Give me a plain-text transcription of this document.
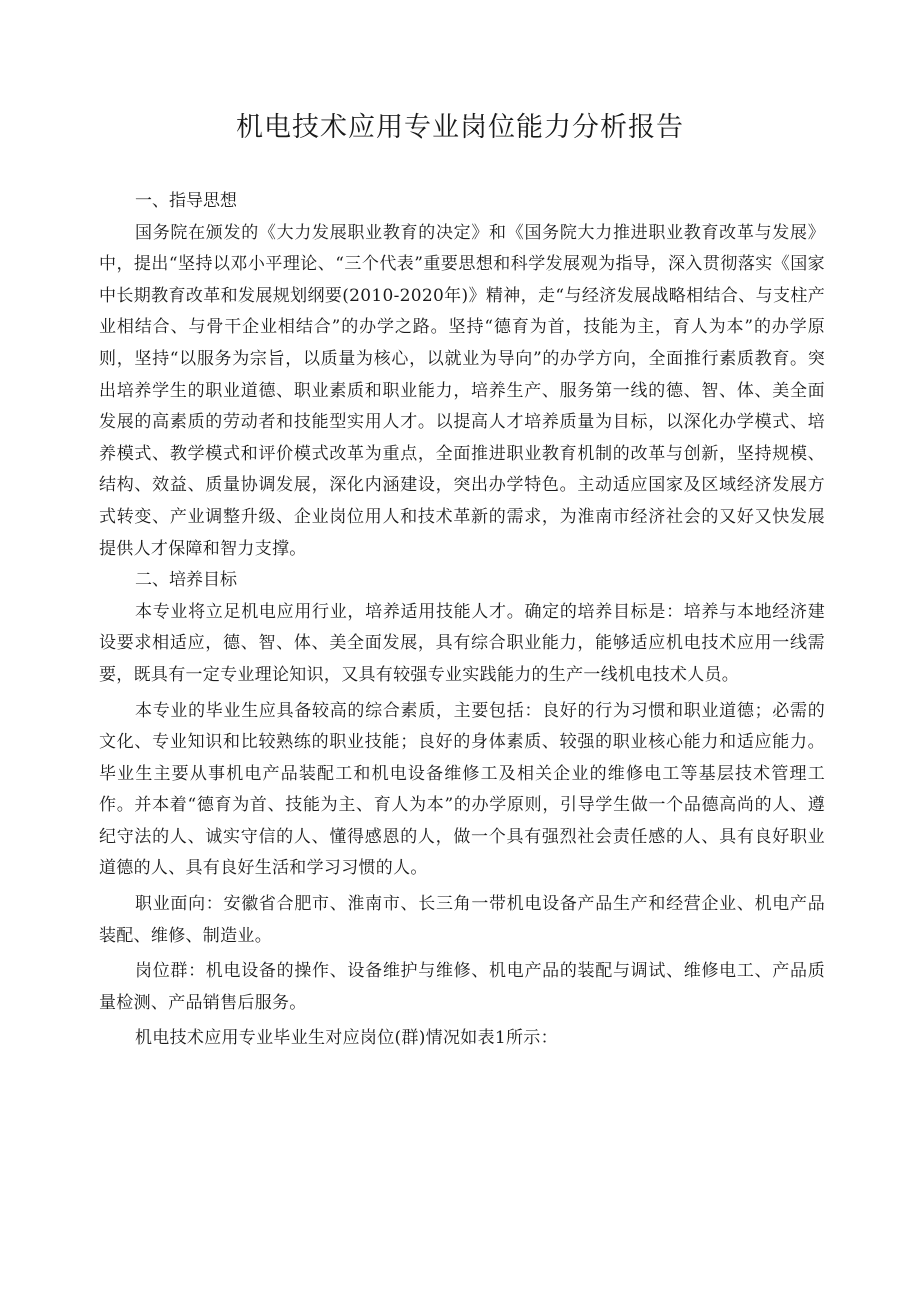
机电技术应用专业岗位能力分析报告

一、指导思想

国务院在颁发的《大力发展职业教育的决定》和《国务院大力推进职业教育改革与发展》中，提出“坚持以邓小平理论、“三个代表”重要思想和科学发展观为指导，深入贯彻落实《国家中长期教育改革和发展规划纲要(2010-2020年)》精神，走“与经济发展战略相结合、与支柱产业相结合、与骨干企业相结合”的办学之路。坚持“德育为首，技能为主，育人为本”的办学原则，坚持“以服务为宗旨，以质量为核心，以就业为导向”的办学方向，全面推行素质教育。突出培养学生的职业道德、职业素质和职业能力，培养生产、服务第一线的德、智、体、美全面发展的高素质的劳动者和技能型实用人才。以提高人才培养质量为目标，以深化办学模式、培养模式、教学模式和评价模式改革为重点，全面推进职业教育机制的改革与创新，坚持规模、结构、效益、质量协调发展，深化内涵建设，突出办学特色。主动适应国家及区域经济发展方式转变、产业调整升级、企业岗位用人和技术革新的需求，为淮南市经济社会的又好又快发展提供人才保障和智力支撑。

二、培养目标

本专业将立足机电应用行业，培养适用技能人才。确定的培养目标是：培养与本地经济建设要求相适应，德、智、体、美全面发展，具有综合职业能力，能够适应机电技术应用一线需要，既具有一定专业理论知识，又具有较强专业实践能力的生产一线机电技术人员。

本专业的毕业生应具备较高的综合素质，主要包括：良好的行为习惯和职业道德；必需的文化、专业知识和比较熟练的职业技能；良好的身体素质、较强的职业核心能力和适应能力。毕业生主要从事机电产品装配工和机电设备维修工及相关企业的维修电工等基层技术管理工作。并本着“德育为首、技能为主、育人为本”的办学原则，引导学生做一个品德高尚的人、遵纪守法的人、诚实守信的人、懂得感恩的人，做一个具有强烈社会责任感的人、具有良好职业道德的人、具有良好生活和学习习惯的人。

职业面向：安徽省合肥市、淮南市、长三角一带机电设备产品生产和经营企业、机电产品装配、维修、制造业。

岗位群：机电设备的操作、设备维护与维修、机电产品的装配与调试、维修电工、产品质量检测、产品销售后服务。

机电技术应用专业毕业生对应岗位(群)情况如表1所示：
